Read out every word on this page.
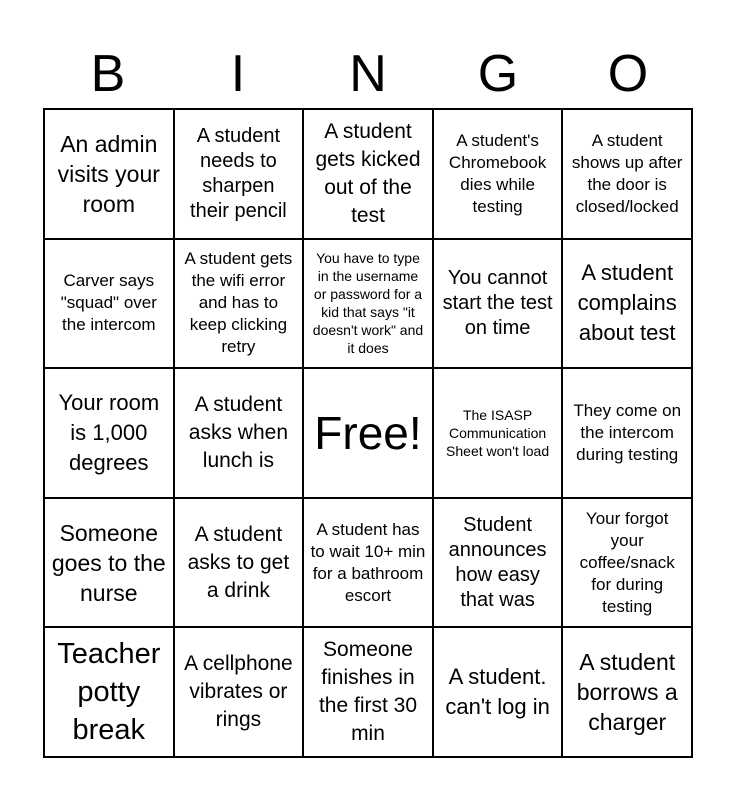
B	I	N	G	O
An admin visits your room
A student needs to sharpen their pencil
A student gets kicked out of the test
A student's Chromebook dies while testing
A student shows up after the door is closed/locked
Carver says "squad" over the intercom
A student gets the wifi error and has to keep clicking retry
You have to type in the username or password for a kid that says "it doesn't work" and it does
You cannot start the test on time
A student complains about test
Your room is 1,000 degrees
A student asks when lunch is
Free!	The ISASP Communication Sheet won't load
They come on the intercom during testing
Someone goes to the nurse
A student asks to get a drink
A student has to wait 10+ min for a bathroom escort
Student announces how easy that was
Your forgot your coffee/snack for during testing
Teacher potty break
A cellphone vibrates or rings
Someone finishes in the first 30 min
A student. can't log in
A student borrows a charger
